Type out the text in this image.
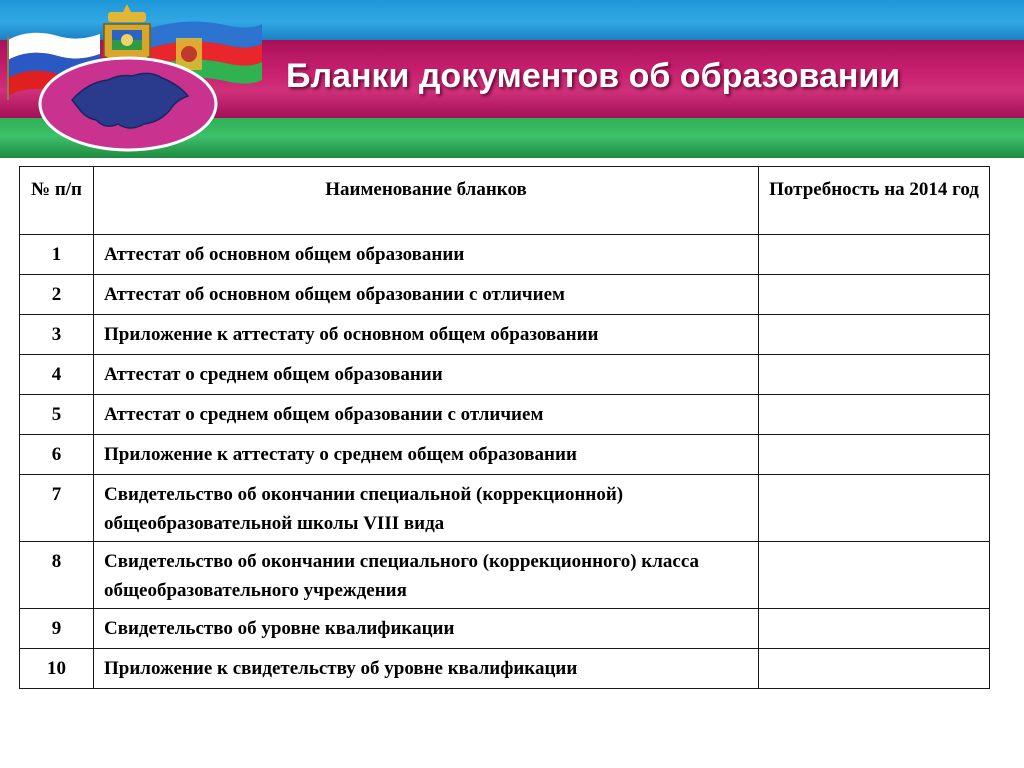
Бланки документов об образовании
№ п/п	Наименование бланков	Потребность на 2014 год
1	Аттестат об основном общем образовании	
2	Аттестат об основном общем образовании с отличием	
3	Приложение к аттестату об основном общем образовании	
4	Аттестат о среднем общем образовании	
5	Аттестат о среднем общем образовании с отличием	
6	Приложение к аттестату о среднем общем образовании	
7	Свидетельство об окончании специальной (коррекционной) общеобразовательной школы VIII вида	
8	Свидетельство об окончании специального (коррекционного) класса общеобразовательного учреждения	
9	Свидетельство об уровне квалификации	
10	Приложение к свидетельству об уровне квалификации	
